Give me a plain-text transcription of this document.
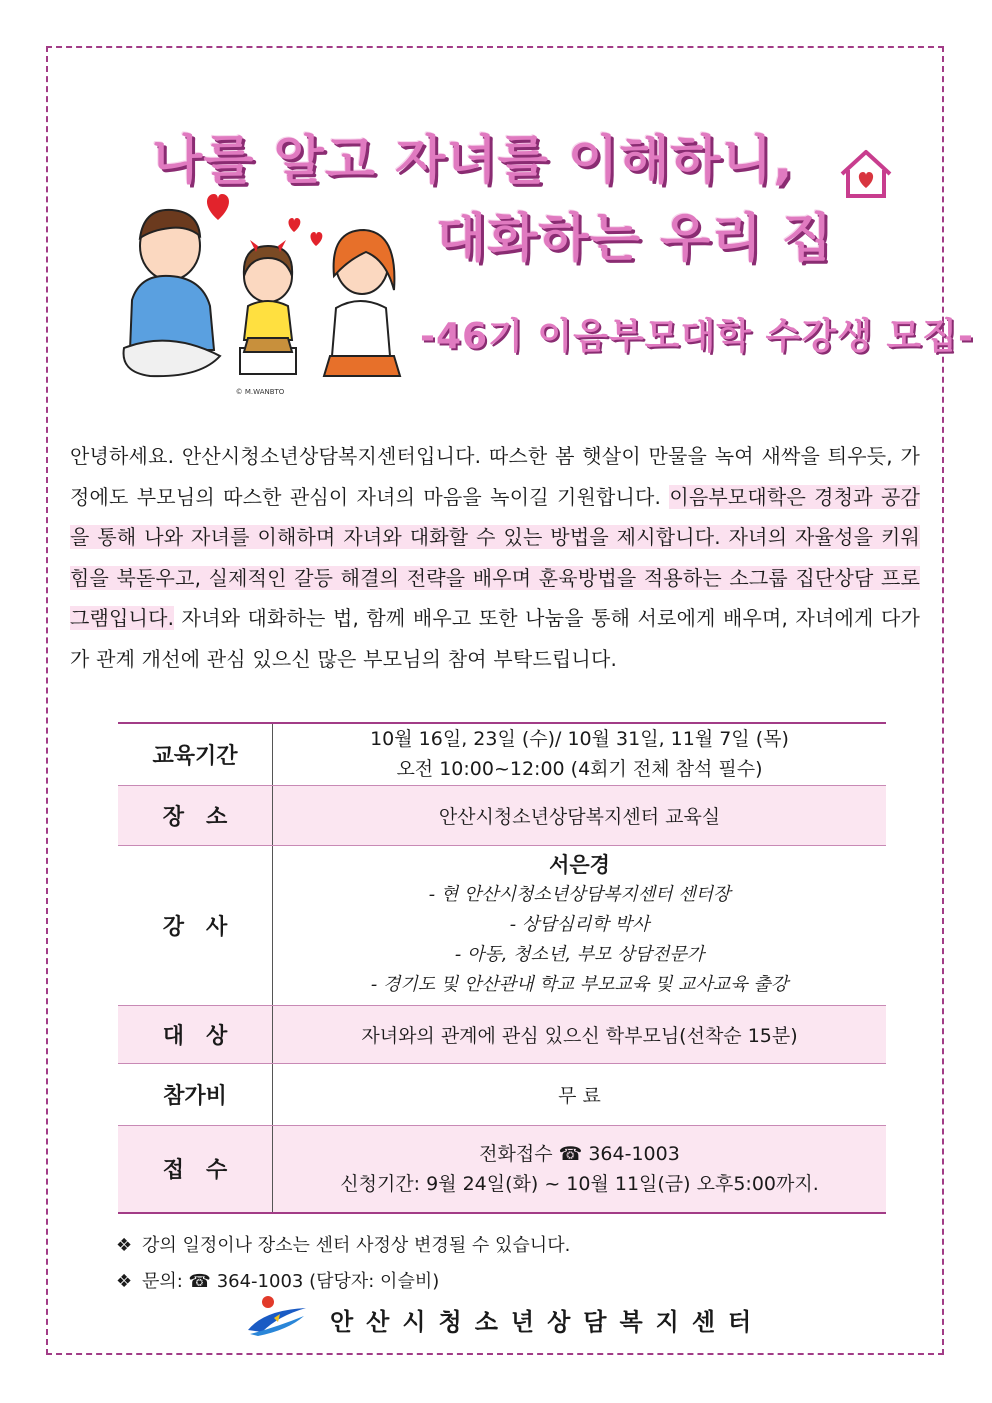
나를 알고 자녀를 이해하니,
대화하는 우리 집
-46기 이음부모대학 수강생 모집-
© M.WANBTO
안녕하세요. 안산시청소년상담복지센터입니다. 따스한 봄 햇살이 만물을 녹여 새싹을 틔우듯, 가정에도 부모님의 따스한 관심이 자녀의 마음을 녹이길 기원합니다. 이음부모대학은 경청과 공감을 통해 나와 자녀를 이해하며 자녀와 대화할 수 있는 방법을 제시합니다. 자녀의 자율성을 키워 힘을 북돋우고, 실제적인 갈등 해결의 전략을 배우며 훈육방법을 적용하는 소그룹 집단상담 프로그램입니다. 자녀와 대화하는 법, 함께 배우고 또한 나눔을 통해 서로에게 배우며, 자녀에게 다가가 관계 개선에 관심 있으신 많은 부모님의 참여 부탁드립니다.
교육기간	10월 16일, 23일 (수)/ 10월 31일, 11월 7일 (목)
오전 10:00~12:00 (4회기 전체 참석 필수)

장　소	안산시청소년상담복지센터 교육실
강　사	서은경
- 현 안산시청소년상담복지센터 센터장
- 상담심리학 박사
- 아동, 청소년, 부모 상담전문가
- 경기도 및 안산관내 학교 부모교육 및 교사교육 출강

대　상	자녀와의 관계에 관심 있으신 학부모님(선착순 15분)
참가비	무 료
접　수	전화접수 ☎ 364-1003
신청기간: 9월 24일(화) ~ 10월 11일(금) 오후5:00까지.
❖ 강의 일정이나 장소는 센터 사정상 변경될 수 있습니다.
❖ 문의: ☎ 364-1003 (담당자: 이슬비)
안산시청소년상담복지센터
